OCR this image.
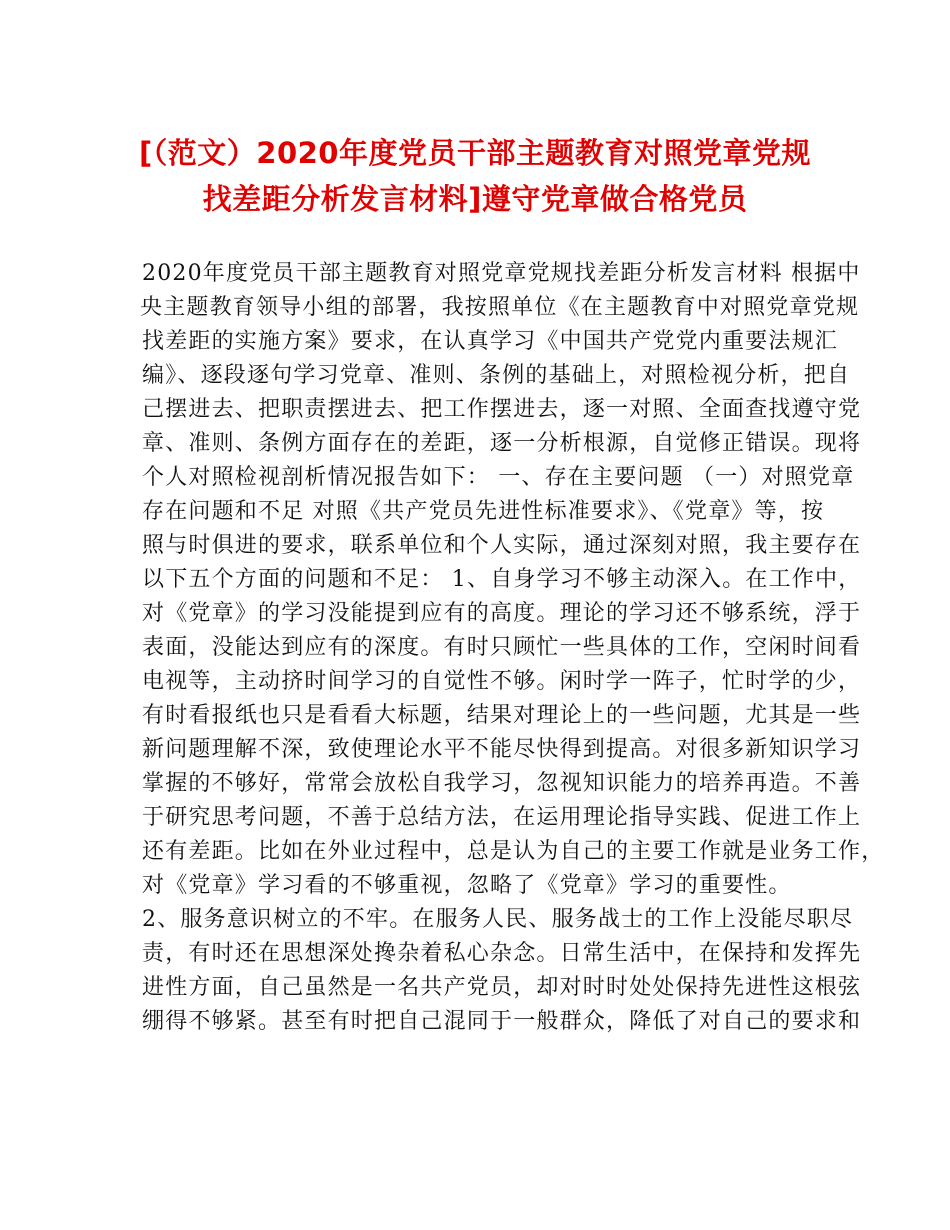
[（范文）2020年度党员干部主题教育对照党章党规
找差距分析发言材料]遵守党章做合格党员
2020年度党员干部主题教育对照党章党规找差距分析发言材料 根据中
央主题教育领导小组的部署，我按照单位《在主题教育中对照党章党规
找差距的实施方案》要求，在认真学习《中国共产党党内重要法规汇
编》、逐段逐句学习党章、准则、条例的基础上，对照检视分析，把自
己摆进去、把职责摆进去、把工作摆进去，逐一对照、全面查找遵守党
章、准则、条例方面存在的差距，逐一分析根源，自觉修正错误。现将
个人对照检视剖析情况报告如下： 一、存在主要问题 （一）对照党章
存在问题和不足 对照《共产党员先进性标准要求》、《党章》等，按
照与时俱进的要求，联系单位和个人实际，通过深刻对照，我主要存在
以下五个方面的问题和不足： 1、自身学习不够主动深入。在工作中，
对《党章》的学习没能提到应有的高度。理论的学习还不够系统，浮于
表面，没能达到应有的深度。有时只顾忙一些具体的工作，空闲时间看
电视等，主动挤时间学习的自觉性不够。闲时学一阵子，忙时学的少，
有时看报纸也只是看看大标题，结果对理论上的一些问题，尤其是一些
新问题理解不深，致使理论水平不能尽快得到提高。对很多新知识学习
掌握的不够好，常常会放松自我学习，忽视知识能力的培养再造。不善
于研究思考问题，不善于总结方法，在运用理论指导实践、促进工作上
还有差距。比如在外业过程中，总是认为自己的主要工作就是业务工作，
对《党章》学习看的不够重视，忽略了《党章》学习的重要性。
2、服务意识树立的不牢。在服务人民、服务战士的工作上没能尽职尽
责，有时还在思想深处搀杂着私心杂念。日常生活中，在保持和发挥先
进性方面，自己虽然是一名共产党员，却对时时处处保持先进性这根弦
绷得不够紧。甚至有时把自己混同于一般群众，降低了对自己的要求和
